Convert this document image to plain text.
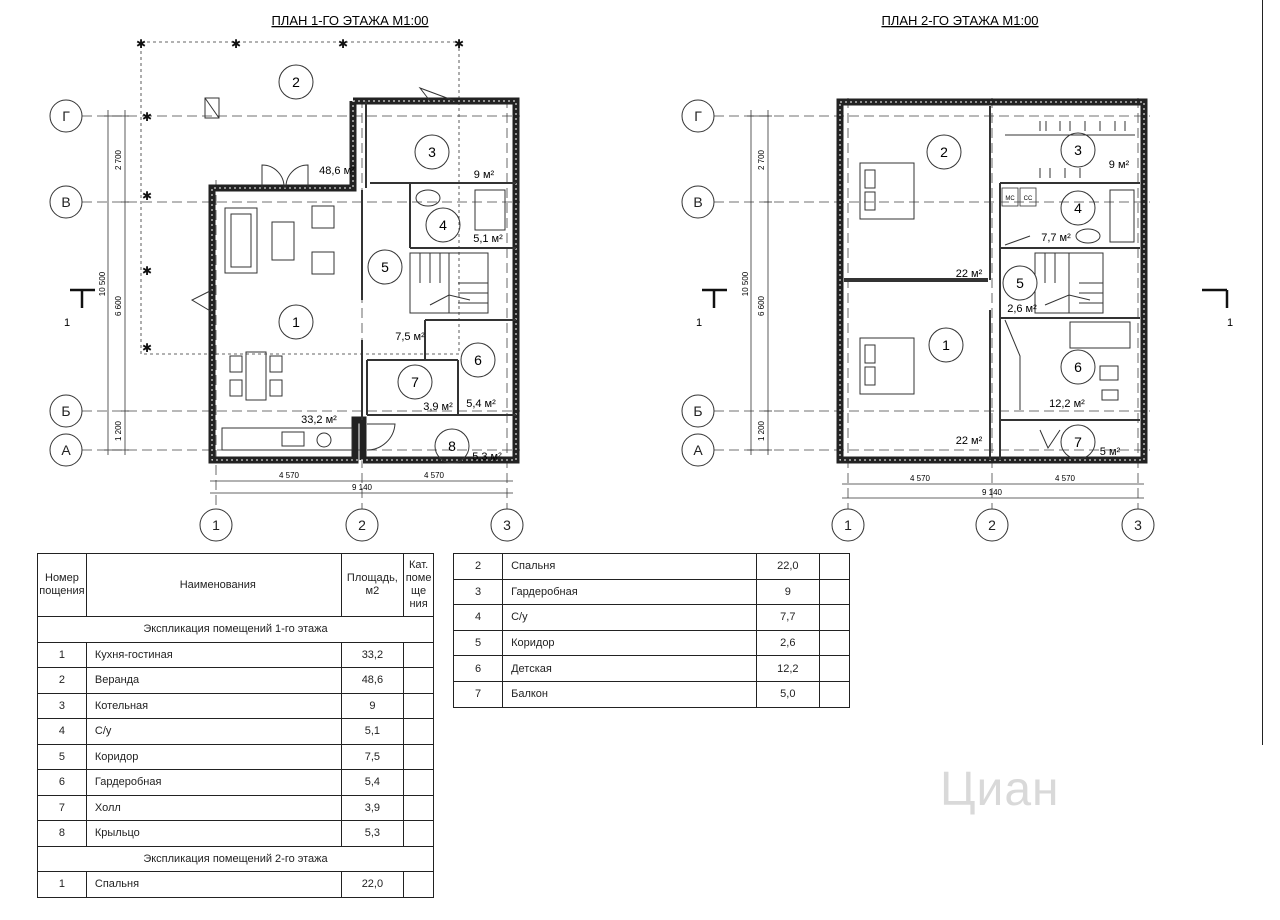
ПЛАН 1-ГО ЭТАЖА М1:00
✱	✱	✱	✱
✱
✱
✱
✱
1
33,2 м²
2
48,6 м²
3
9 м²
4
5,1 м²
5
6
5,4 м²
7
3,9 м²
8
5,3 м²
7,5 м²
Г
В
Б
А
1	2	3
1
2 700
10 500
6 600
1 200
4 570	4 570
9 140
ПЛАН 2-ГО ЭТАЖА М1:00
МС СС
1
22 м²
2
22 м²
3
9 м²
4
7,7 м²
5
2,6 м²
6
12,2 м²
7
5 м²
Г
В
Б
А
1	2	3
1	1
2 700
10 500
6 600
1 200
4 570	4 570
9 140
Номер пощения	Наименования	Площадь, м2	Кат. поме ще ния
Экспликация помещений 1-го этажа			
1	Кухня-гостиная	33,2	
2	Веранда	48,6	
3	Котельная	9	
4	С/у	5,1	
5	Коридор	7,5	
6	Гардеробная	5,4	
7	Холл	3,9	
8	Крыльцо	5,3	
Экспликация помещений 2-го этажа			
1	Спальня	22,0	
2	Спальня	22,0	
3	Гардеробная	9	
4	С/у	7,7	
5	Коридор	2,6	
6	Детская	12,2	
7	Балкон	5,0	
Циан
